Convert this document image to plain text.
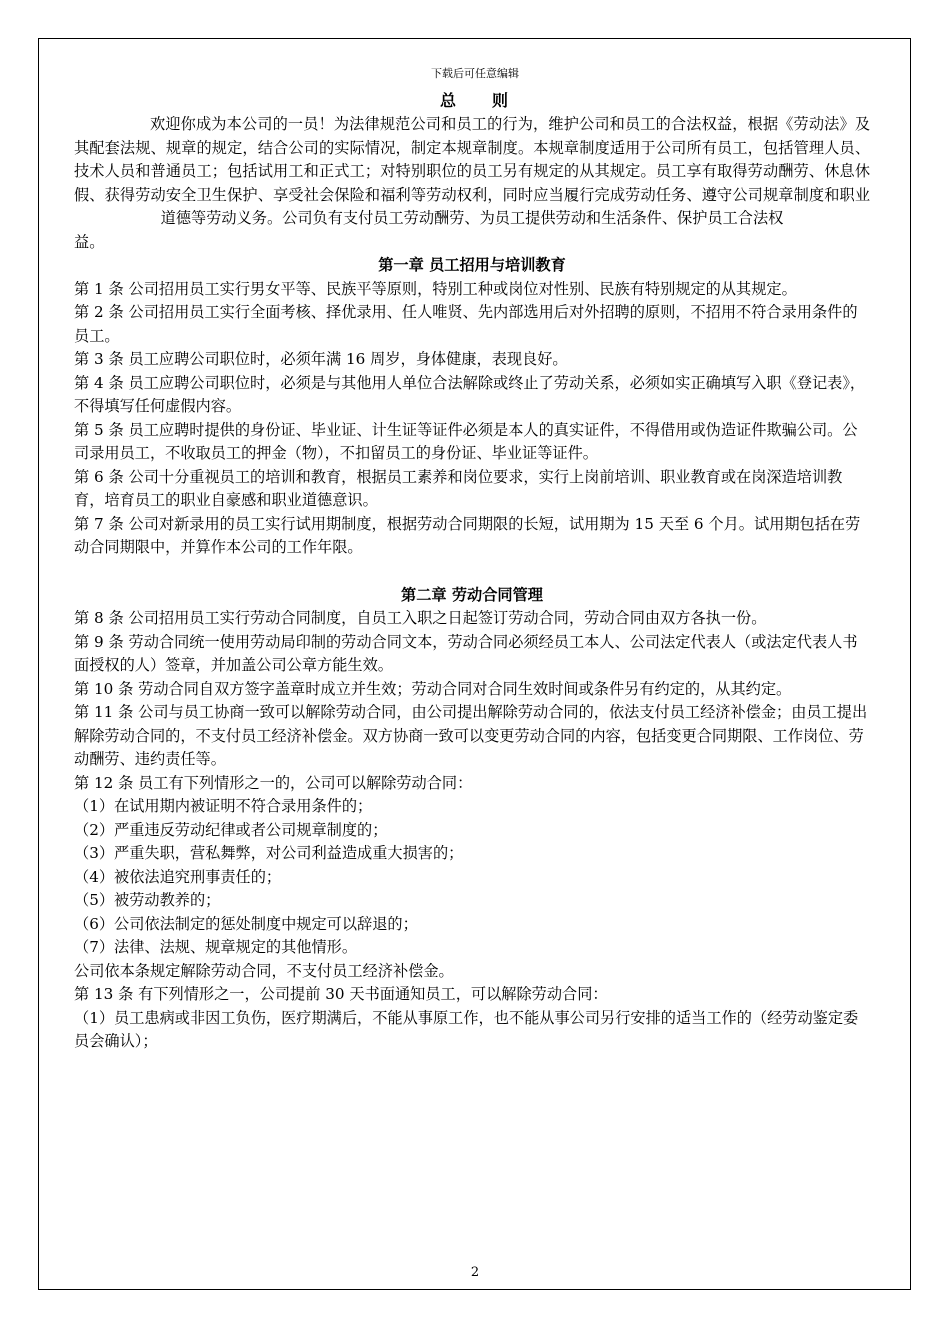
下载后可任意编辑
总 则

欢迎你成为本公司的一员！为法律规范公司和员工的行为，维护公司和员工的合法权益，根据《劳动法》及其配套法规、规章的规定，结合公司的实际情况，制定本规章制度。本规章制度适用于公司所有员工，包括管理人员、技术人员和普通员工；包括试用工和正式工；对特别职位的员工另有规定的从其规定。员工享有取得劳动酬劳、休息休假、获得劳动安全卫生保护、享受社会保险和福利等劳动权利，同时应当履行完成劳动任务、遵守公司规章制度和职业道德等劳动义务。公司负有支付员工劳动酬劳、为员工提供劳动和生活条件、保护员工合法权

益。

第一章 员工招用与培训教育

第 1 条 公司招用员工实行男女平等、民族平等原则，特别工种或岗位对性别、民族有特别规定的从其规定。

第 2 条 公司招用员工实行全面考核、择优录用、任人唯贤、先内部选用后对外招聘的原则，不招用不符合录用条件的员工。

第 3 条 员工应聘公司职位时，必须年满 16 周岁，身体健康，表现良好。

第 4 条 员工应聘公司职位时，必须是与其他用人单位合法解除或终止了劳动关系，必须如实正确填写入职《登记表》，不得填写任何虚假内容。

第 5 条 员工应聘时提供的身份证、毕业证、计生证等证件必须是本人的真实证件，不得借用或伪造证件欺骗公司。公司录用员工，不收取员工的押金（物），不扣留员工的身份证、毕业证等证件。

第 6 条 公司十分重视员工的培训和教育，根据员工素养和岗位要求，实行上岗前培训、职业教育或在岗深造培训教育，培育员工的职业自豪感和职业道德意识。

第 7 条 公司对新录用的员工实行试用期制度，根据劳动合同期限的长短，试用期为 15 天至 6 个月。试用期包括在劳动合同期限中，并算作本公司的工作年限。

第二章 劳动合同管理

第 8 条 公司招用员工实行劳动合同制度，自员工入职之日起签订劳动合同，劳动合同由双方各执一份。

第 9 条 劳动合同统一使用劳动局印制的劳动合同文本，劳动合同必须经员工本人、公司法定代表人（或法定代表人书面授权的人）签章，并加盖公司公章方能生效。

第 10 条 劳动合同自双方签字盖章时成立并生效；劳动合同对合同生效时间或条件另有约定的，从其约定。

第 11 条 公司与员工协商一致可以解除劳动合同，由公司提出解除劳动合同的，依法支付员工经济补偿金；由员工提出解除劳动合同的，不支付员工经济补偿金。双方协商一致可以变更劳动合同的内容，包括变更合同期限、工作岗位、劳动酬劳、违约责任等。

第 12 条 员工有下列情形之一的，公司可以解除劳动合同：

（1）在试用期内被证明不符合录用条件的；

（2）严重违反劳动纪律或者公司规章制度的；

（3）严重失职，营私舞弊，对公司利益造成重大损害的；

（4）被依法追究刑事责任的；

（5）被劳动教养的；

（6）公司依法制定的惩处制度中规定可以辞退的；

（7）法律、法规、规章规定的其他情形。

公司依本条规定解除劳动合同，不支付员工经济补偿金。

第 13 条 有下列情形之一，公司提前 30 天书面通知员工，可以解除劳动合同：

（1）员工患病或非因工负伤，医疗期满后，不能从事原工作，也不能从事公司另行安排的适当工作的（经劳动鉴定委员会确认）；

2
